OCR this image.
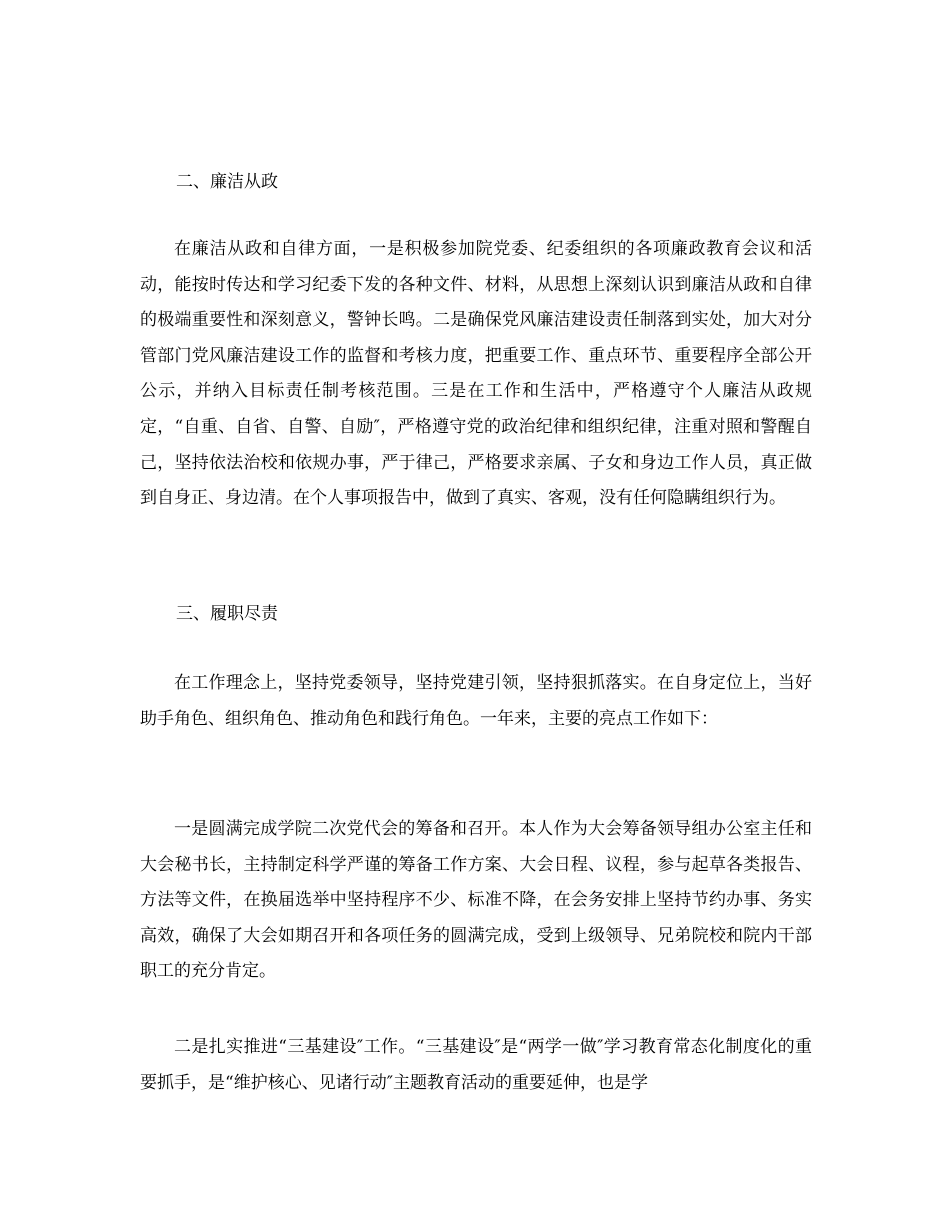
二、廉洁从政

在廉洁从政和自律方面，一是积极参加院党委、纪委组织的各项廉政教育会议和活动，能按时传达和学习纪委下发的各种文件、材料，从思想上深刻认识到廉洁从政和自律的极端重要性和深刻意义，警钟长鸣。二是确保党风廉洁建设责任制落到实处，加大对分管部门党风廉洁建设工作的监督和考核力度，把重要工作、重点环节、重要程序全部公开公示，并纳入目标责任制考核范围。三是在工作和生活中，严格遵守个人廉洁从政规定，“自重、自省、自警、自励″，严格遵守党的政治纪律和组织纪律，注重对照和警醒自己，坚持依法治校和依规办事，严于律己，严格要求亲属、子女和身边工作人员，真正做到自身正、身边清。在个人事项报告中，做到了真实、客观，没有任何隐瞒组织行为。

三、履职尽责

在工作理念上，坚持党委领导，坚持党建引领，坚持狠抓落实。在自身定位上，当好助手角色、组织角色、推动角色和践行角色。一年来，主要的亮点工作如下：

一是圆满完成学院二次党代会的筹备和召开。本人作为大会筹备领导组办公室主任和大会秘书长，主持制定科学严谨的筹备工作方案、大会日程、议程，参与起草各类报告、方法等文件，在换届选举中坚持程序不少、标准不降，在会务安排上坚持节约办事、务实高效，确保了大会如期召开和各项任务的圆满完成，受到上级领导、兄弟院校和院内干部职工的充分肯定。

二是扎实推进“三基建设″工作。“三基建设″是“两学一做″学习教育常态化制度化的重要抓手，是“维护核心、见诸行动″主题教育活动的重要延伸，也是学
